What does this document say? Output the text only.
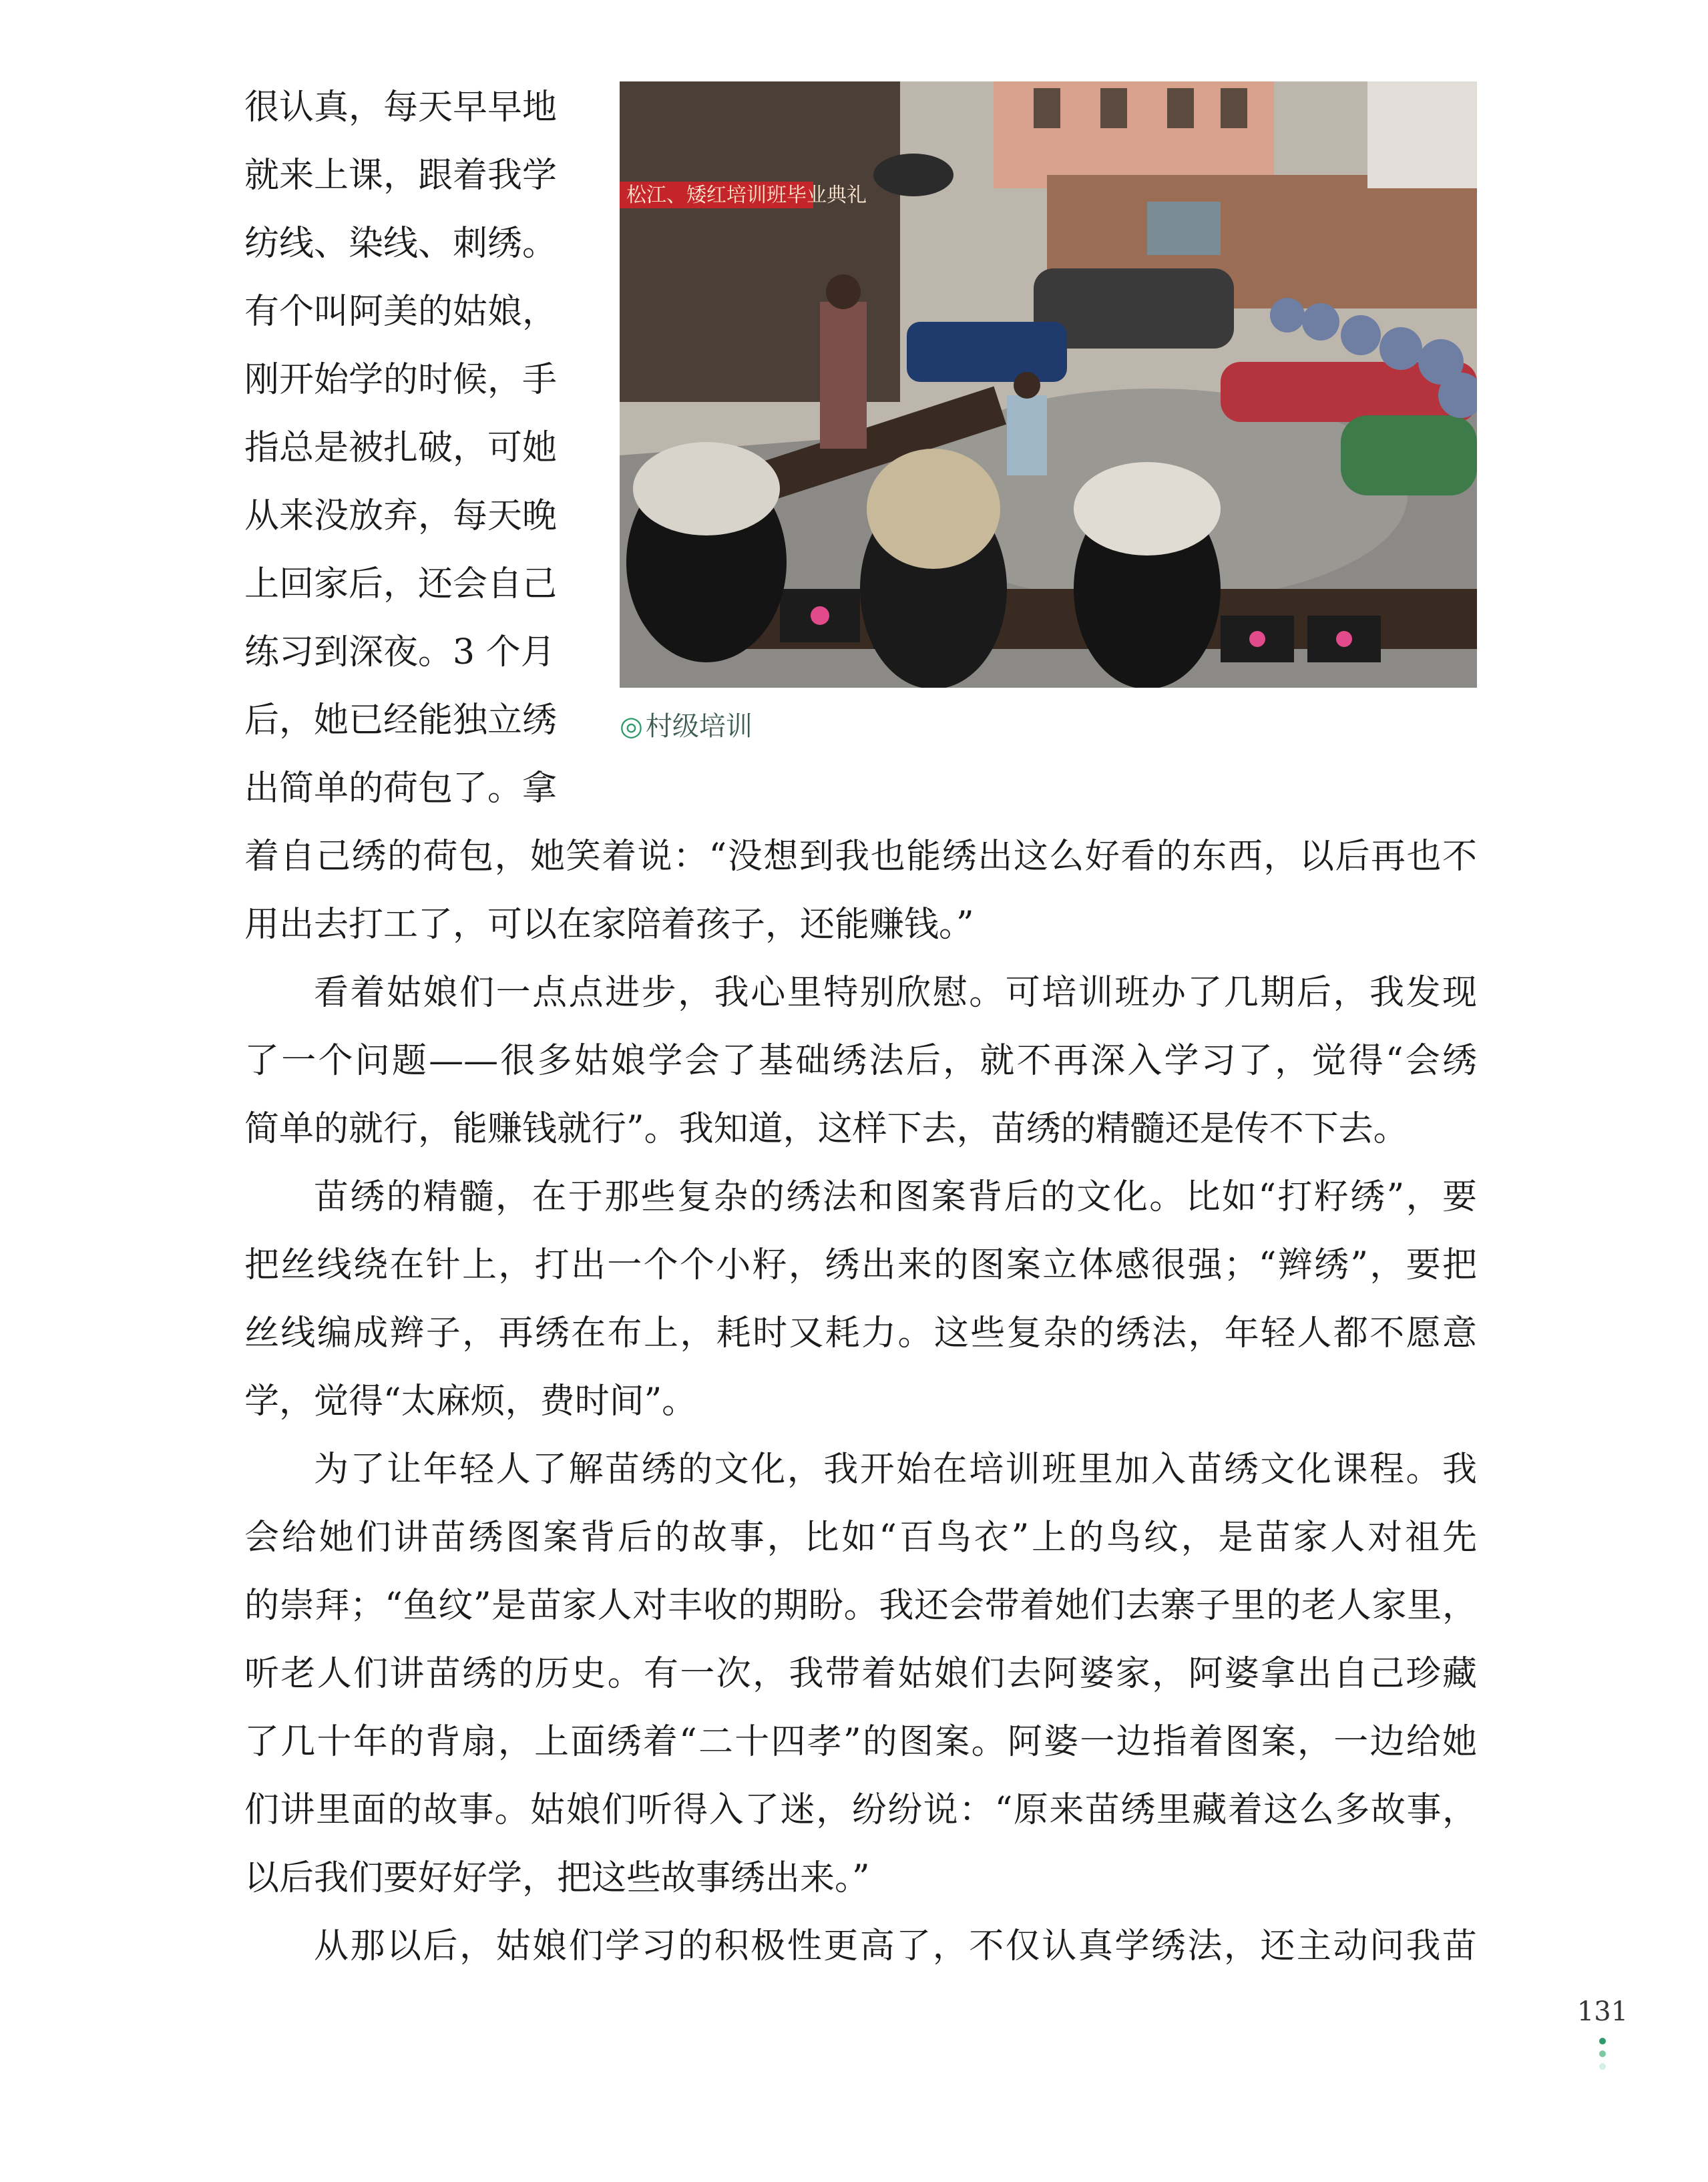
很认真，每天早早地
就来上课，跟着我学
纺线、染线、刺绣。
有个叫阿美的姑娘，
刚开始学的时候，手
指总是被扎破，可她
从来没放弃，每天晚
上回家后，还会自己
练习到深夜。3 个月
后，她已经能独立绣
出简单的荷包了。拿
松江、矮红培训班毕业典礼
◎ 村级培训
着自己绣的荷包，她笑着说：“没想到我也能绣出这么好看的东西，以后再也不
用出去打工了，可以在家陪着孩子，还能赚钱。”
看着姑娘们一点点进步，我心里特别欣慰。可培训班办了几期后，我发现
了一个问题——很多姑娘学会了基础绣法后，就不再深入学习了，觉得“会绣
简单的就行，能赚钱就行”。我知道，这样下去，苗绣的精髓还是传不下去。
苗绣的精髓，在于那些复杂的绣法和图案背后的文化。比如“打籽绣”，要
把丝线绕在针上，打出一个个小籽，绣出来的图案立体感很强；“辫绣”，要把
丝线编成辫子，再绣在布上，耗时又耗力。这些复杂的绣法，年轻人都不愿意
学，觉得“太麻烦，费时间”。
为了让年轻人了解苗绣的文化，我开始在培训班里加入苗绣文化课程。我
会给她们讲苗绣图案背后的故事，比如“百鸟衣”上的鸟纹，是苗家人对祖先
的崇拜；“鱼纹”是苗家人对丰收的期盼。我还会带着她们去寨子里的老人家里，
听老人们讲苗绣的历史。有一次，我带着姑娘们去阿婆家，阿婆拿出自己珍藏
了几十年的背扇，上面绣着“二十四孝”的图案。阿婆一边指着图案，一边给她
们讲里面的故事。姑娘们听得入了迷，纷纷说：“原来苗绣里藏着这么多故事，
以后我们要好好学，把这些故事绣出来。”
从那以后，姑娘们学习的积极性更高了，不仅认真学绣法，还主动问我苗
131
